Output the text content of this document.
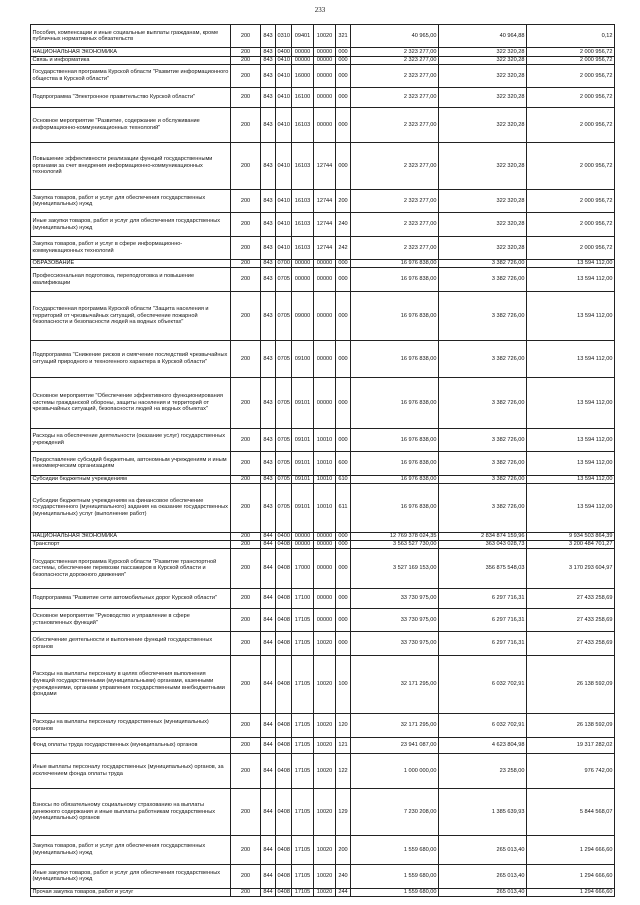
233
Пособия, компенсации и иные социальные выплаты гражданам, кроме публичных нормативных обязательств	200	843	0310	09401	10020	321	40 965,00	40 964,88	0,12
НАЦИОНАЛЬНАЯ ЭКОНОМИКА	200	843	0400	00000	00000	000	2 323 277,00	322 320,28	2 000 956,72
Связь и информатика	200	843	0410	00000	00000	000	2 323 277,00	322 320,28	2 000 956,72
Государственная программа Курской области "Развитие информационного общества в Курской области"	200	843	0410	16000	00000	000	2 323 277,00	322 320,28	2 000 956,72
Подпрограмма "Электронное правительство Курской области"	200	843	0410	16100	00000	000	2 323 277,00	322 320,28	2 000 956,72
Основное мероприятие "Развитие, содержание и обслуживание информационно-коммуникационных технологий"	200	843	0410	16103	00000	000	2 323 277,00	322 320,28	2 000 956,72
Повышение эффективности реализации функций государственными органами за счет внедрения информационно-коммуникационных технологий	200	843	0410	16103	12744	000	2 323 277,00	322 320,28	2 000 956,72
Закупка товаров, работ и услуг для обеспечения государственных (муниципальных) нужд	200	843	0410	16103	12744	200	2 323 277,00	322 320,28	2 000 956,72
Иные закупки товаров, работ и услуг для обеспечения государственных (муниципальных) нужд	200	843	0410	16103	12744	240	2 323 277,00	322 320,28	2 000 956,72
Закупка товаров, работ и услуг в сфере информационно-коммуникационных технологий	200	843	0410	16103	12744	242	2 323 277,00	322 320,28	2 000 956,72
ОБРАЗОВАНИЕ	200	843	0700	00000	00000	000	16 976 838,00	3 382 726,00	13 594 112,00
Профессиональная подготовка, переподготовка и повышение квалификации	200	843	0705	00000	00000	000	16 976 838,00	3 382 726,00	13 594 112,00
Государственная программа Курской области "Защита населения и территорий от чрезвычайных ситуаций, обеспечение пожарной безопасности и безопасности людей на водных объектах"	200	843	0705	09000	00000	000	16 976 838,00	3 382 726,00	13 594 112,00
Подпрограмма "Снижение рисков и смягчение последствий чрезвычайных ситуаций природного и техногенного характера в Курской области"	200	843	0705	09100	00000	000	16 976 838,00	3 382 726,00	13 594 112,00
Основное мероприятие "Обеспечение эффективного функционирования системы гражданской обороны, защиты населения и территорий от чрезвычайных ситуаций, безопасности людей на водных объектах"	200	843	0705	09101	00000	000	16 976 838,00	3 382 726,00	13 594 112,00
Расходы на обеспечение деятельности (оказание услуг) государственных учреждений	200	843	0705	09101	10010	000	16 976 838,00	3 382 726,00	13 594 112,00
Предоставление субсидий бюджетным, автономным учреждениям и иным некоммерческим организациям	200	843	0705	09101	10010	600	16 976 838,00	3 382 726,00	13 594 112,00
Субсидии бюджетным учреждениям	200	843	0705	09101	10010	610	16 976 838,00	3 382 726,00	13 594 112,00
Субсидии бюджетным учреждениям на финансовое обеспечение государственного (муниципального) задания на оказание государственных (муниципальных) услуг (выполнение работ)	200	843	0705	09101	10010	611	16 976 838,00	3 382 726,00	13 594 112,00
НАЦИОНАЛЬНАЯ ЭКОНОМИКА	200	844	0400	00000	00000	000	12 769 378 024,35	2 834 874 159,96	9 934 503 864,39
Транспорт	200	844	0408	00000	00000	000	3 563 527 730,00	363 043 028,73	3 200 484 701,27
Государственная программа Курской области "Развитие транспортной системы, обеспечение перевозки пассажиров в Курской области и безопасности дорожного движения"	200	844	0408	17000	00000	000	3 527 169 153,00	356 875 548,03	3 170 293 604,97
Подпрограмма "Развитие сети автомобильных дорог Курской области"	200	844	0408	17100	00000	000	33 730 975,00	6 297 716,31	27 433 258,69
Основное мероприятие "Руководство и управление в сфере установленных функций"	200	844	0408	17105	00000	000	33 730 975,00	6 297 716,31	27 433 258,69
Обеспечение деятельности и выполнение функций государственных органов	200	844	0408	17105	10020	000	33 730 975,00	6 297 716,31	27 433 258,69
Расходы на выплаты персоналу в целях обеспечения выполнения функций государственными (муниципальными) органами, казенными учреждениями, органами управления государственными внебюджетными фондами	200	844	0408	17105	10020	100	32 171 295,00	6 032 702,91	26 138 592,09
Расходы на выплаты персоналу государственных (муниципальных) органов	200	844	0408	17105	10020	120	32 171 295,00	6 032 702,91	26 138 592,09
Фонд оплаты труда государственных (муниципальных) органов	200	844	0408	17105	10020	121	23 941 087,00	4 623 804,98	19 317 282,02
Иные выплаты персоналу государственных (муниципальных) органов, за исключением фонда оплаты труда	200	844	0408	17105	10020	122	1 000 000,00	23 258,00	976 742,00
Взносы по обязательному социальному страхованию на выплаты денежного содержания и иные выплаты работникам государственных (муниципальных) органов	200	844	0408	17105	10020	129	7 230 208,00	1 385 639,93	5 844 568,07
Закупка товаров, работ и услуг для обеспечения государственных (муниципальных) нужд	200	844	0408	17105	10020	200	1 559 680,00	265 013,40	1 294 666,60
Иные закупки товаров, работ и услуг для обеспечения государственных (муниципальных) нужд	200	844	0408	17105	10020	240	1 559 680,00	265 013,40	1 294 666,60
Прочая закупка товаров, работ и услуг	200	844	0408	17105	10020	244	1 559 680,00	265 013,40	1 294 666,60
